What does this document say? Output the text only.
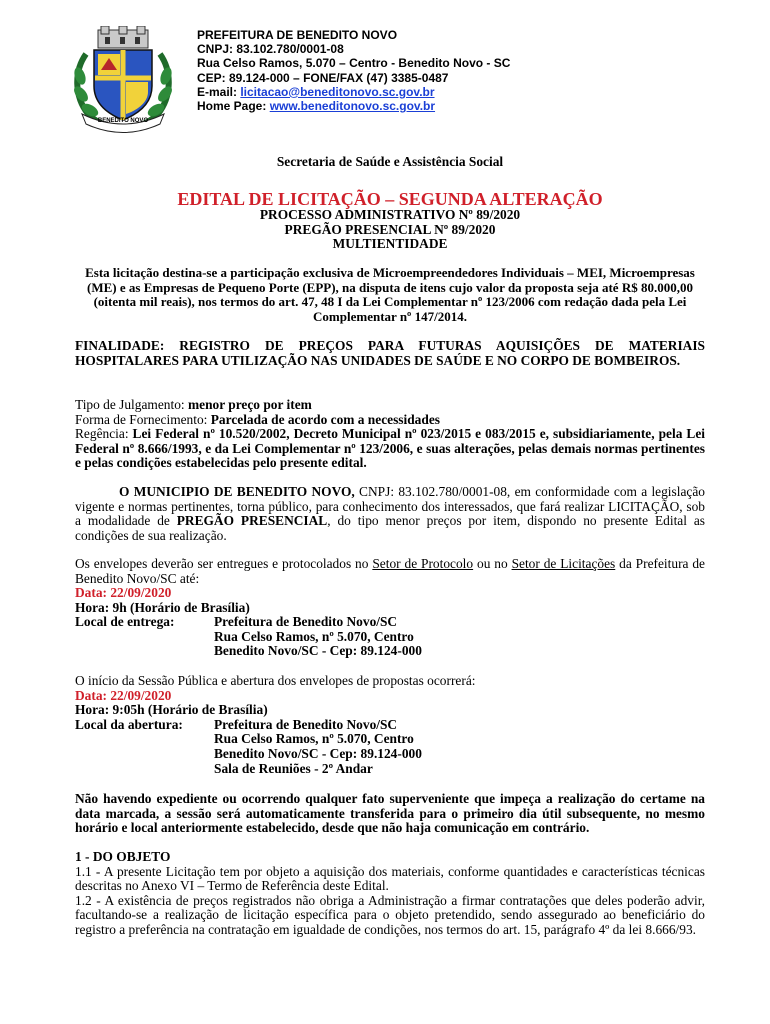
BENEDITO NOVO
PREFEITURA DE BENEDITO NOVO
CNPJ: 83.102.780/0001-08
Rua Celso Ramos, 5.070 – Centro - Benedito Novo - SC
CEP: 89.124-000 – FONE/FAX (47) 3385-0487
E-mail: licitacao@beneditonovo.sc.gov.br
Home Page: www.beneditonovo.sc.gov.br
Secretaria de Saúde e Assistência Social
EDITAL DE LICITAÇÃO – SEGUNDA ALTERAÇÃO
PROCESSO ADMINISTRATIVO Nº 89/2020
PREGÃO PRESENCIAL Nº 89/2020
MULTIENTIDADE
Esta licitação destina-se a participação exclusiva de Microempreendedores Individuais – MEI, Microempresas (ME) e as Empresas de Pequeno Porte (EPP), na disputa de itens cujo valor da proposta seja até R$ 80.000,00 (oitenta mil reais), nos termos do art. 47, 48 I da Lei Complementar nº 123/2006 com redação dada pela Lei Complementar nº 147/2014.
FINALIDADE: REGISTRO DE PREÇOS PARA FUTURAS AQUISIÇÕES DE MATERIAIS HOSPITALARES PARA UTILIZAÇÃO NAS UNIDADES DE SAÚDE E NO CORPO DE BOMBEIROS.

Tipo de Julgamento: menor preço por item

Forma de Fornecimento: Parcelada de acordo com a necessidades

Regência: Lei Federal nº 10.520/2002, Decreto Municipal nº 023/2015 e 083/2015 e, subsidiariamente, pela Lei Federal nº 8.666/1993, e da Lei Complementar nº 123/2006, e suas alterações, pelas demais normas pertinentes e pelas condições estabelecidas pelo presente edital.

O MUNICIPIO DE BENEDITO NOVO, CNPJ: 83.102.780/0001-08, em conformidade com a legislação vigente e normas pertinentes, torna público, para conhecimento dos interessados, que fará realizar LICITAÇÃO, sob a modalidade de PREGÃO PRESENCIAL, do tipo menor preços por item, dispondo no presente Edital as condições de sua realização.
Os envelopes deverão ser entregues e protocolados no Setor de Protocolo ou no Setor de Licitações da Prefeitura de Benedito Novo/SC até:

Data: 22/09/2020

Hora: 9h (Horário de Brasília)

Local de entrega:	Prefeitura de Benedito Novo/SC

Rua Celso Ramos, nº 5.070, Centro

Benedito Novo/SC - Cep: 89.124-000

O início da Sessão Pública e abertura dos envelopes de propostas ocorrerá:

Data: 22/09/2020

Hora: 9:05h (Horário de Brasília)

Local da abertura:	Prefeitura de Benedito Novo/SC

Rua Celso Ramos, nº 5.070, Centro

Benedito Novo/SC - Cep: 89.124-000

Sala de Reuniões - 2º Andar

Não havendo expediente ou ocorrendo qualquer fato superveniente que impeça a realização do certame na data marcada, a sessão será automaticamente transferida para o primeiro dia útil subsequente, no mesmo horário e local anteriormente estabelecido, desde que não haja comunicação em contrário.

1 - DO OBJETO

1.1 - A presente Licitação tem por objeto a aquisição dos materiais, conforme quantidades e características técnicas descritas no Anexo VI – Termo de Referência deste Edital.

1.2 - A existência de preços registrados não obriga a Administração a firmar contratações que deles poderão advir, facultando-se a realização de licitação específica para o objeto pretendido, sendo assegurado ao beneficiário do registro a preferência na contratação em igualdade de condições, nos termos do art. 15, parágrafo 4º da lei 8.666/93.
